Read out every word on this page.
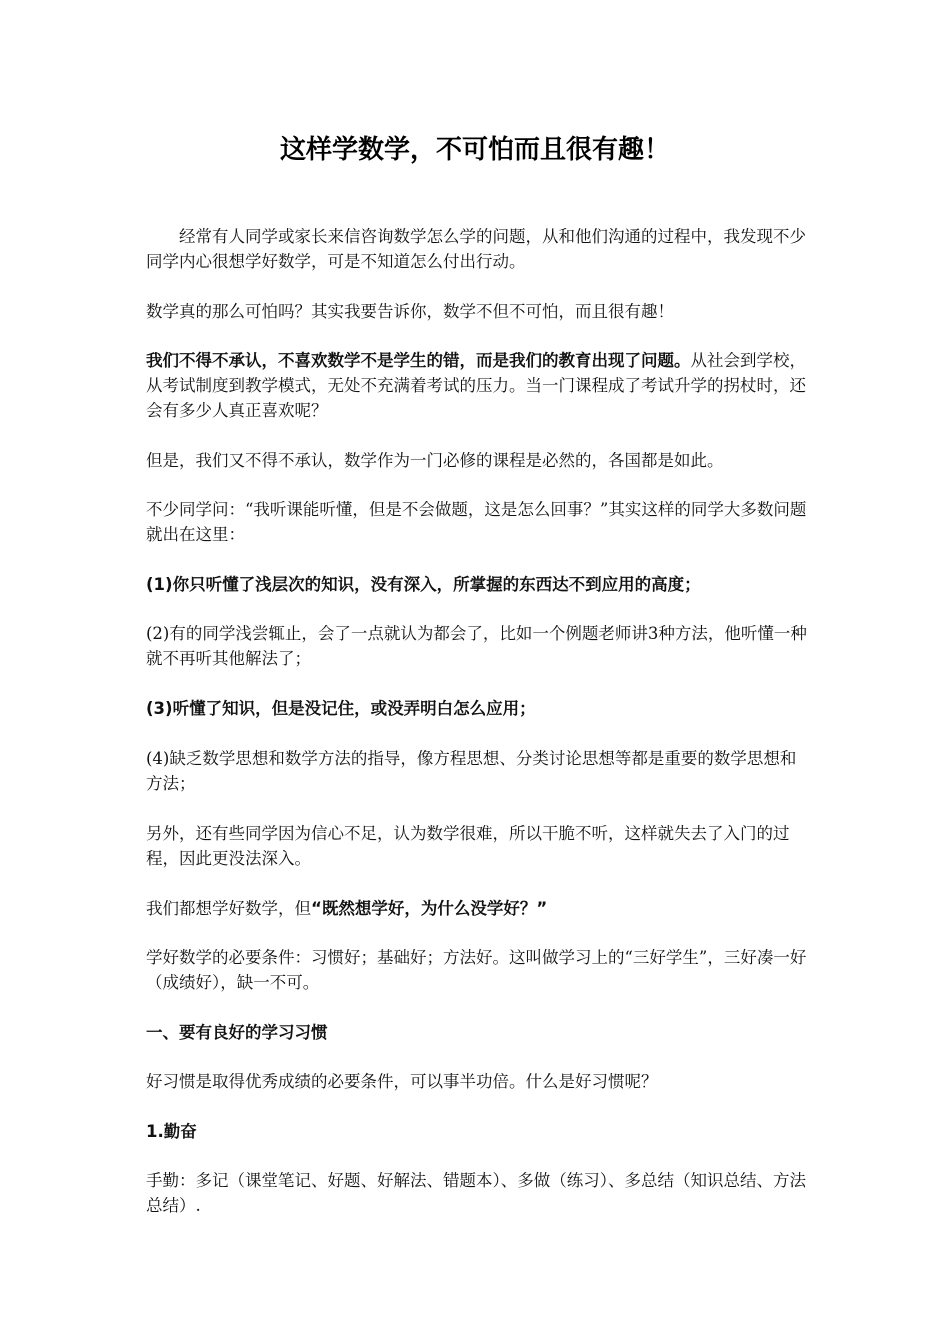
这样学数学，不可怕而且很有趣！

经常有人同学或家长来信咨询数学怎么学的问题，从和他们沟通的过程中，我发现不少同学内心很想学好数学，可是不知道怎么付出行动。

数学真的那么可怕吗？其实我要告诉你，数学不但不可怕，而且很有趣！

我们不得不承认，不喜欢数学不是学生的错，而是我们的教育出现了问题。从社会到学校，从考试制度到教学模式，无处不充满着考试的压力。当一门课程成了考试升学的拐杖时，还会有多少人真正喜欢呢？

但是，我们又不得不承认，数学作为一门必修的课程是必然的，各国都是如此。

不少同学问：“我听课能听懂，但是不会做题，这是怎么回事？”其实这样的同学大多数问题就出在这里：

(1)你只听懂了浅层次的知识，没有深入，所掌握的东西达不到应用的高度；

(2)有的同学浅尝辄止，会了一点就认为都会了，比如一个例题老师讲3种方法，他听懂一种就不再听其他解法了；

(3)听懂了知识，但是没记住，或没弄明白怎么应用；

(4)缺乏数学思想和数学方法的指导，像方程思想、分类讨论思想等都是重要的数学思想和方法；

另外，还有些同学因为信心不足，认为数学很难，所以干脆不听，这样就失去了入门的过程，因此更没法深入。

我们都想学好数学，但“既然想学好，为什么没学好？”

学好数学的必要条件：习惯好；基础好；方法好。这叫做学习上的“三好学生”，三好凑一好（成绩好），缺一不可。

一、要有良好的学习习惯

好习惯是取得优秀成绩的必要条件，可以事半功倍。什么是好习惯呢？

1.勤奋

手勤：多记（课堂笔记、好题、好解法、错题本）、多做（练习）、多总结（知识总结、方法总结）.
